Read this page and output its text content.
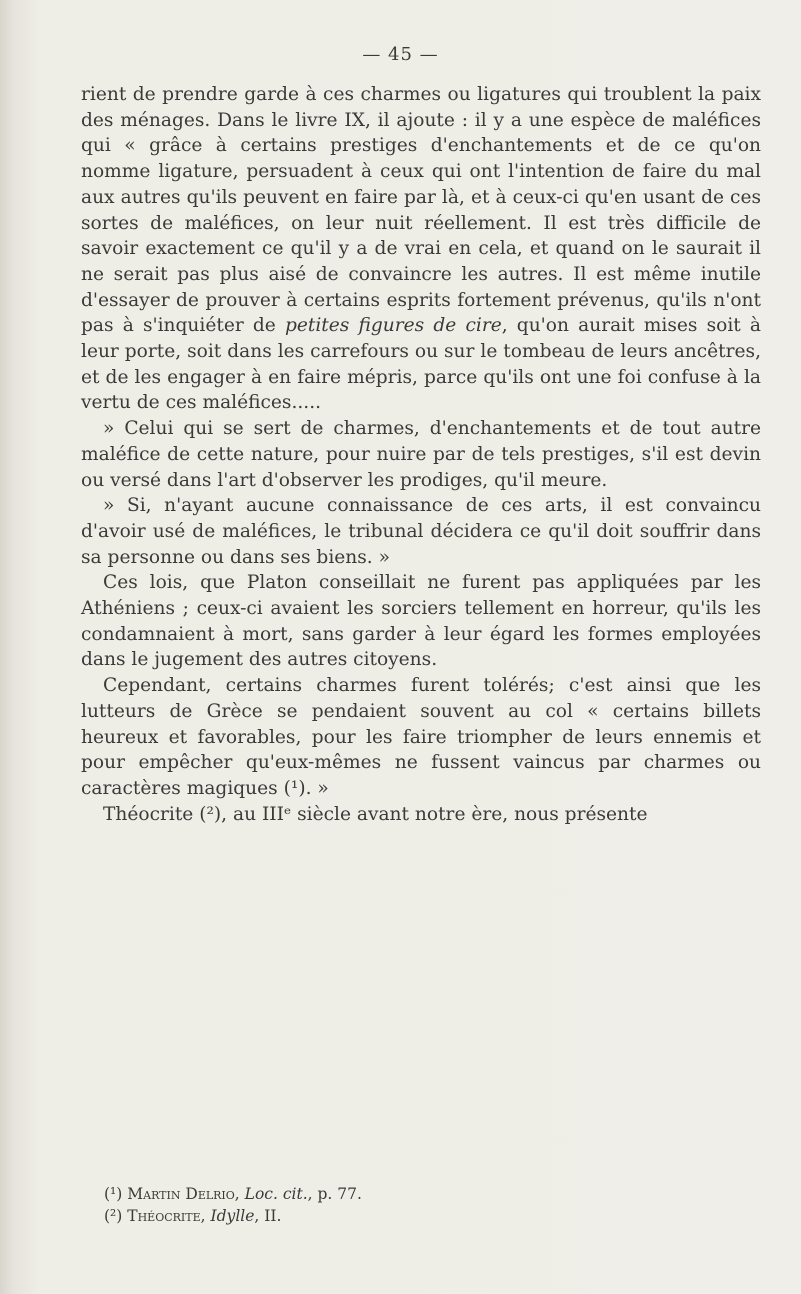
— 45 —

rient de prendre garde à ces charmes ou ligatures qui troublent la paix des ménages. Dans le livre IX, il ajoute : il y a une espèce de maléfices qui « grâce à certains prestiges d'enchantements et de ce qu'on nomme ligature, persuadent à ceux qui ont l'intention de faire du mal aux autres qu'ils peuvent en faire par là, et à ceux-ci qu'en usant de ces sortes de maléfices, on leur nuit réellement. Il est très difficile de savoir exactement ce qu'il y a de vrai en cela, et quand on le saurait il ne serait pas plus aisé de convaincre les autres. Il est même inutile d'essayer de prouver à certains esprits fortement prévenus, qu'ils n'ont pas à s'inquiéter de petites figures de cire, qu'on aurait mises soit à leur porte, soit dans les carrefours ou sur le tombeau de leurs ancêtres, et de les engager à en faire mépris, parce qu'ils ont une foi confuse à la vertu de ces maléfices.....

» Celui qui se sert de charmes, d'enchantements et de tout autre maléfice de cette nature, pour nuire par de tels prestiges, s'il est devin ou versé dans l'art d'observer les prodiges, qu'il meure.

» Si, n'ayant aucune connaissance de ces arts, il est convaincu d'avoir usé de maléfices, le tribunal décidera ce qu'il doit souffrir dans sa personne ou dans ses biens. »

Ces lois, que Platon conseillait ne furent pas appliquées par les Athéniens ; ceux-ci avaient les sorciers tellement en horreur, qu'ils les condamnaient à mort, sans garder à leur égard les formes employées dans le jugement des autres citoyens.

Cependant, certains charmes furent tolérés; c'est ainsi que les lutteurs de Grèce se pendaient souvent au col « certains billets heureux et favorables, pour les faire triompher de leurs ennemis et pour empêcher qu'eux-mêmes ne fussent vaincus par charmes ou caractères magiques (¹). »

Théocrite (²), au IIIᵉ siècle avant notre ère, nous présente

(¹) Martin Delrio, Loc. cit., p. 77.
(²) Théocrite, Idylle, II.
